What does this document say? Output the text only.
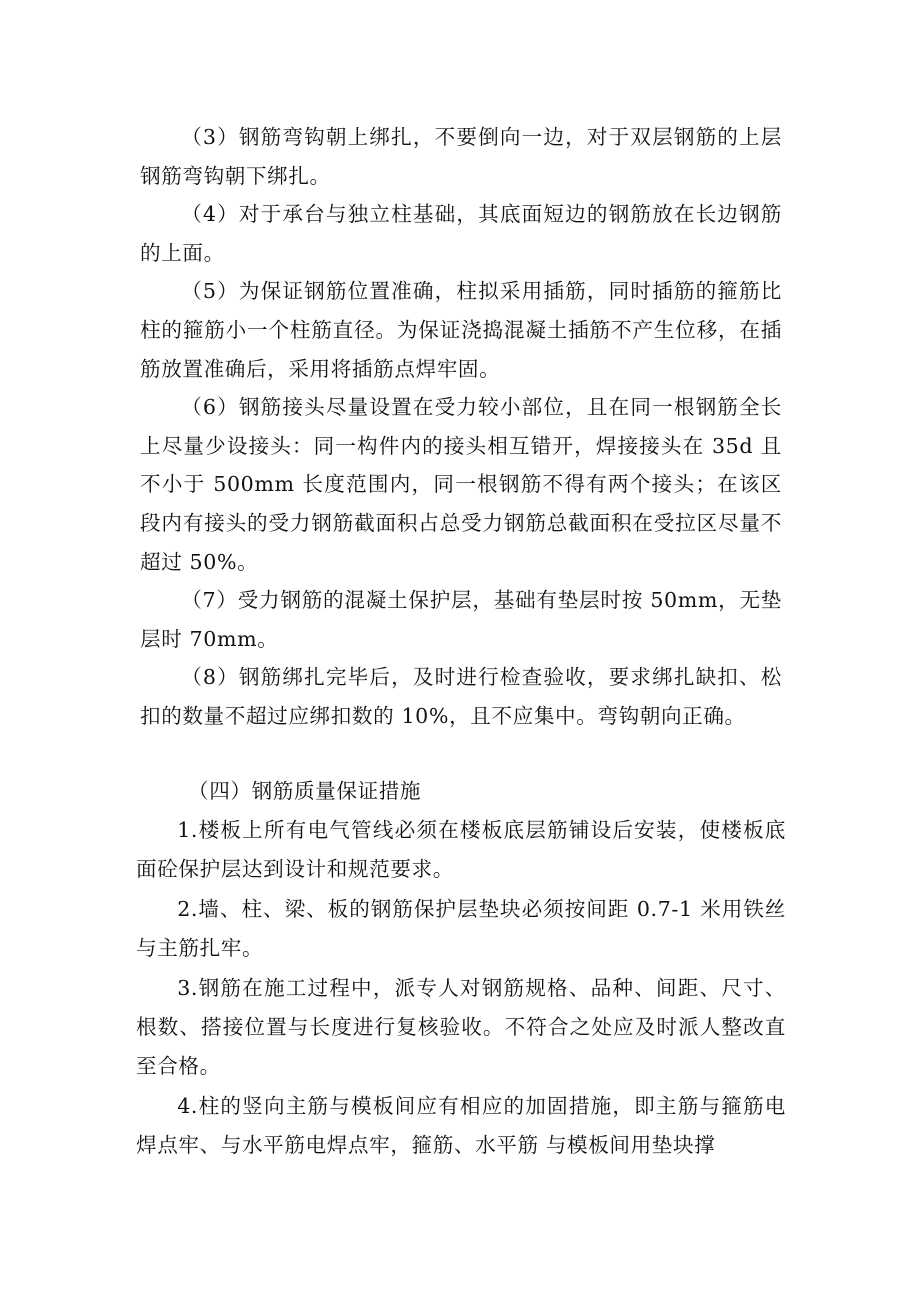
（3）钢筋弯钩朝上绑扎，不要倒向一边，对于双层钢筋的上层钢筋弯钩朝下绑扎。

（4）对于承台与独立柱基础，其底面短边的钢筋放在长边钢筋的上面。

（5）为保证钢筋位置准确，柱拟采用插筋，同时插筋的箍筋比柱的箍筋小一个柱筋直径。为保证浇捣混凝土插筋不产生位移，在插筋放置准确后，采用将插筋点焊牢固。

（6）钢筋接头尽量设置在受力较小部位，且在同一根钢筋全长上尽量少设接头：同一构件内的接头相互错开，焊接接头在 35d 且不小于 500mm 长度范围内，同一根钢筋不得有两个接头；在该区段内有接头的受力钢筋截面积占总受力钢筋总截面积在受拉区尽量不超过 50%。

（7）受力钢筋的混凝土保护层，基础有垫层时按 50mm，无垫层时 70mm。

（8）钢筋绑扎完毕后，及时进行检查验收，要求绑扎缺扣、松扣的数量不超过应绑扣数的 10%，且不应集中。弯钩朝向正确。

（四）钢筋质量保证措施

1.楼板上所有电气管线必须在楼板底层筋铺设后安装，使楼板底面砼保护层达到设计和规范要求。

2.墙、柱、梁、板的钢筋保护层垫块必须按间距 0.7-1 米用铁丝与主筋扎牢。

3.钢筋在施工过程中，派专人对钢筋规格、品种、间距、尺寸、根数、搭接位置与长度进行复核验收。不符合之处应及时派人整改直至合格。

4.柱的竖向主筋与模板间应有相应的加固措施，即主筋与箍筋电焊点牢、与水平筋电焊点牢，箍筋、水平筋 与模板间用垫块撑
